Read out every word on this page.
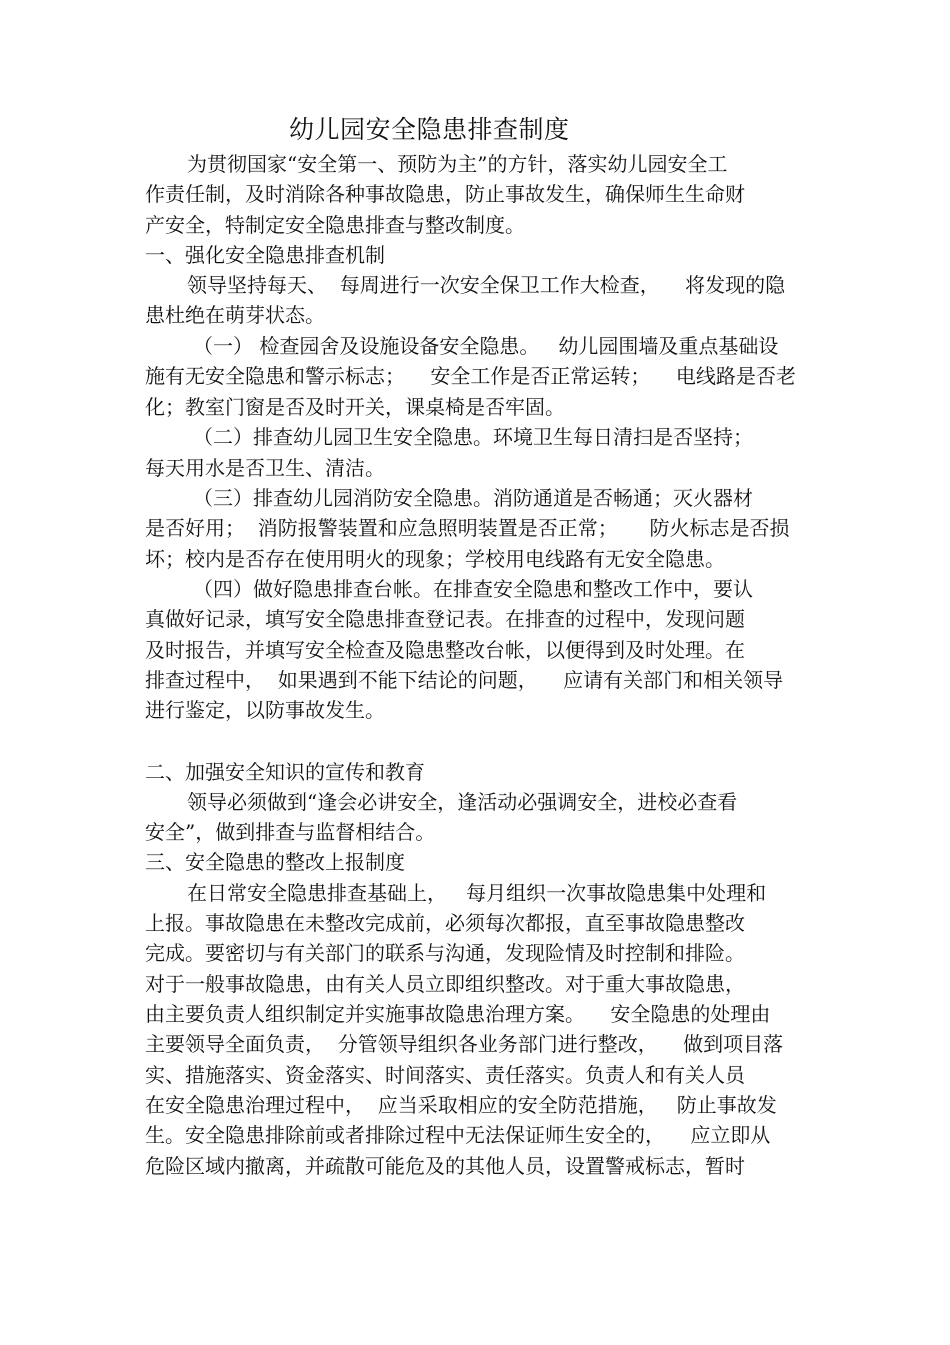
幼儿园安全隐患排查制度
为贯彻国家“安全第一、预防为主”的方针，落实幼儿园安全工
作责任制，及时消除各种事故隐患，防止事故发生，确保师生生命财
产安全，特制定安全隐患排查与整改制度。
一、强化安全隐患排查机制
领导坚持每天、  每周进行一次安全保卫工作大检查，    将发现的隐
患杜绝在萌芽状态。
（一） 检查园舍及设施设备安全隐患。   幼儿园围墙及重点基础设
施有无安全隐患和警示标志；    安全工作是否正常运转；    电线路是否老
化；教室门窗是否及时开关，课桌椅是否牢固。
（二）排查幼儿园卫生安全隐患。环境卫生每日清扫是否坚持；
每天用水是否卫生、清洁。
（三）排查幼儿园消防安全隐患。消防通道是否畅通；灭火器材
是否好用；  消防报警装置和应急照明装置是否正常；     防火标志是否损
坏；校内是否存在使用明火的现象；学校用电线路有无安全隐患。
（四）做好隐患排查台帐。在排查安全隐患和整改工作中，要认
真做好记录，填写安全隐患排查登记表。在排查的过程中，发现问题
及时报告，并填写安全检查及隐患整改台帐，以便得到及时处理。在
排查过程中，  如果遇到不能下结论的问题，    应请有关部门和相关领导
进行鉴定，以防事故发生。
二、加强安全知识的宣传和教育
领导必须做到“逢会必讲安全，逢活动必强调安全，进校必查看
安全”，做到排查与监督相结合。
三、安全隐患的整改上报制度
在日常安全隐患排查基础上，   每月组织一次事故隐患集中处理和
上报。事故隐患在未整改完成前，必须每次都报，直至事故隐患整改
完成。要密切与有关部门的联系与沟通，发现险情及时控制和排险。
对于一般事故隐患，由有关人员立即组织整改。对于重大事故隐患，
由主要负责人组织制定并实施事故隐患治理方案。    安全隐患的处理由
主要领导全面负责，  分管领导组织各业务部门进行整改，    做到项目落
实、措施落实、资金落实、时间落实、责任落实。负责人和有关人员
在安全隐患治理过程中，  应当采取相应的安全防范措施，   防止事故发
生。安全隐患排除前或者排除过程中无法保证师生安全的，    应立即从
危险区域内撤离，并疏散可能危及的其他人员，设置警戒标志，暂时
